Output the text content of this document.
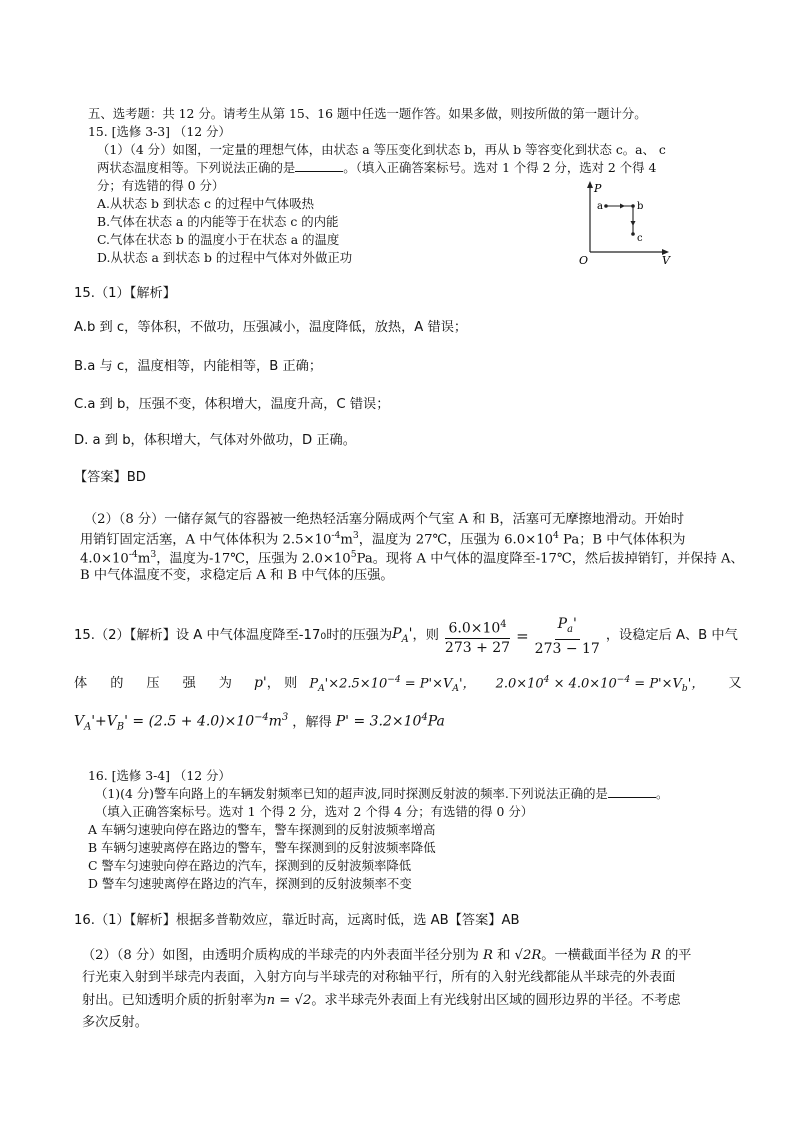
五、选考题：共 12 分。请考生从第 15、16 题中任选一题作答。如果多做，则按所做的第一题计分。
15. [选修 3-3] （12 分）
（1）（4 分）如图，一定量的理想气体，由状态 a 等压变化到状态 b，再从 b 等容变化到状态 c。a、 c
两状态温度相等。下列说法正确的是	。（填入正确答案标号。选对 1 个得 2 分，选对 2 个得 4
分；有选错的得 0 分）
A.从状态 b 到状态 c 的过程中气体吸热
B.气体在状态 a 的内能等于在状态 c 的内能
C.气体在状态 b 的温度小于在状态 a 的温度
D.从状态 a 到状态 b 的过程中气体对外做正功
P
V
O
a	b
c
15.（1）【解析】
A.b 到 c，等体积，不做功，压强减小，温度降低，放热，A 错误；
B.a 与 c，温度相等，内能相等，B 正确；
C.a 到 b，压强不变，体积增大，温度升高，C 错误；
D. a 到 b，体积增大，气体对外做功，D 正确。
【答案】BD
（2）（8 分）一储存氮气的容器被一绝热轻活塞分隔成两个气室 A 和 B，活塞可无摩擦地滑动。开始时
用销钉固定活塞，A 中气体体积为 $2.5\times 10^{-4}m^3$，温度为 27℃，压强为 $6.0\times 10^4$ Pa；B 中气体体积为
$4.0\times 10^{-4}m^3$，温度为-17℃，压强为 $2.0\times 10^5Pa$。现将 A 中气体的温度降至-17℃，然后拔掉销钉，并保持 A、
B 中气体温度不变，求稳定后 A 和 B 中气体的压强。
15.（2）【解析】设 A 中气体温度降至-17 0 时的压强为 $P_A'$ ，则 $\frac{6.0\times 10^4}{273 + 27} = \frac{P_a'}{273 - 17}$ ，设稳定后 A、B 中气
体 的 压 强 为 p' ， 则 $P_A'\times 2.5\times 10^{-4} = P'\times V_A'$， $2.0\times 10^4 \times 4.0\times 10^{-4} = P'\times V_b'$， 又
$V_A'+V_B' = (2.5 + 4.0)\times 10^{-4}m^3$ ，解得 $P' = 3.2\times 10^4Pa$
16. [选修 3-4] （12 分）
（1)(4 分)警车向路上的车辆发射频率已知的超声波,同时探测反射波的频率.下列说法正确的是	。
（填入正确答案标号。选对 1 个得 2 分，选对 2 个得 4 分；有选错的得 0 分）
A 车辆匀速驶向停在路边的警车，警车探测到的反射波频率增高
B 车辆匀速驶离停在路边的警车，警车探测到的反射波频率降低
C 警车匀速驶向停在路边的汽车，探测到的反射波频率降低
D 警车匀速驶离停在路边的汽车，探测到的反射波频率不变
16.（1）【解析】根据多普勒效应，靠近时高，远离时低，选 AB【答案】AB
（2）（8 分）如图，由透明介质构成的半球壳的内外表面半径分别为 R 和 √2R。一横截面半径为 R 的平
行光束入射到半球壳内表面，入射方向与半球壳的对称轴平行，所有的入射光线都能从半球壳的外表面
射出。已知透明介质的折射率为n = √2。求半球壳外表面上有光线射出区域的圆形边界的半径。不考虑
多次反射。
